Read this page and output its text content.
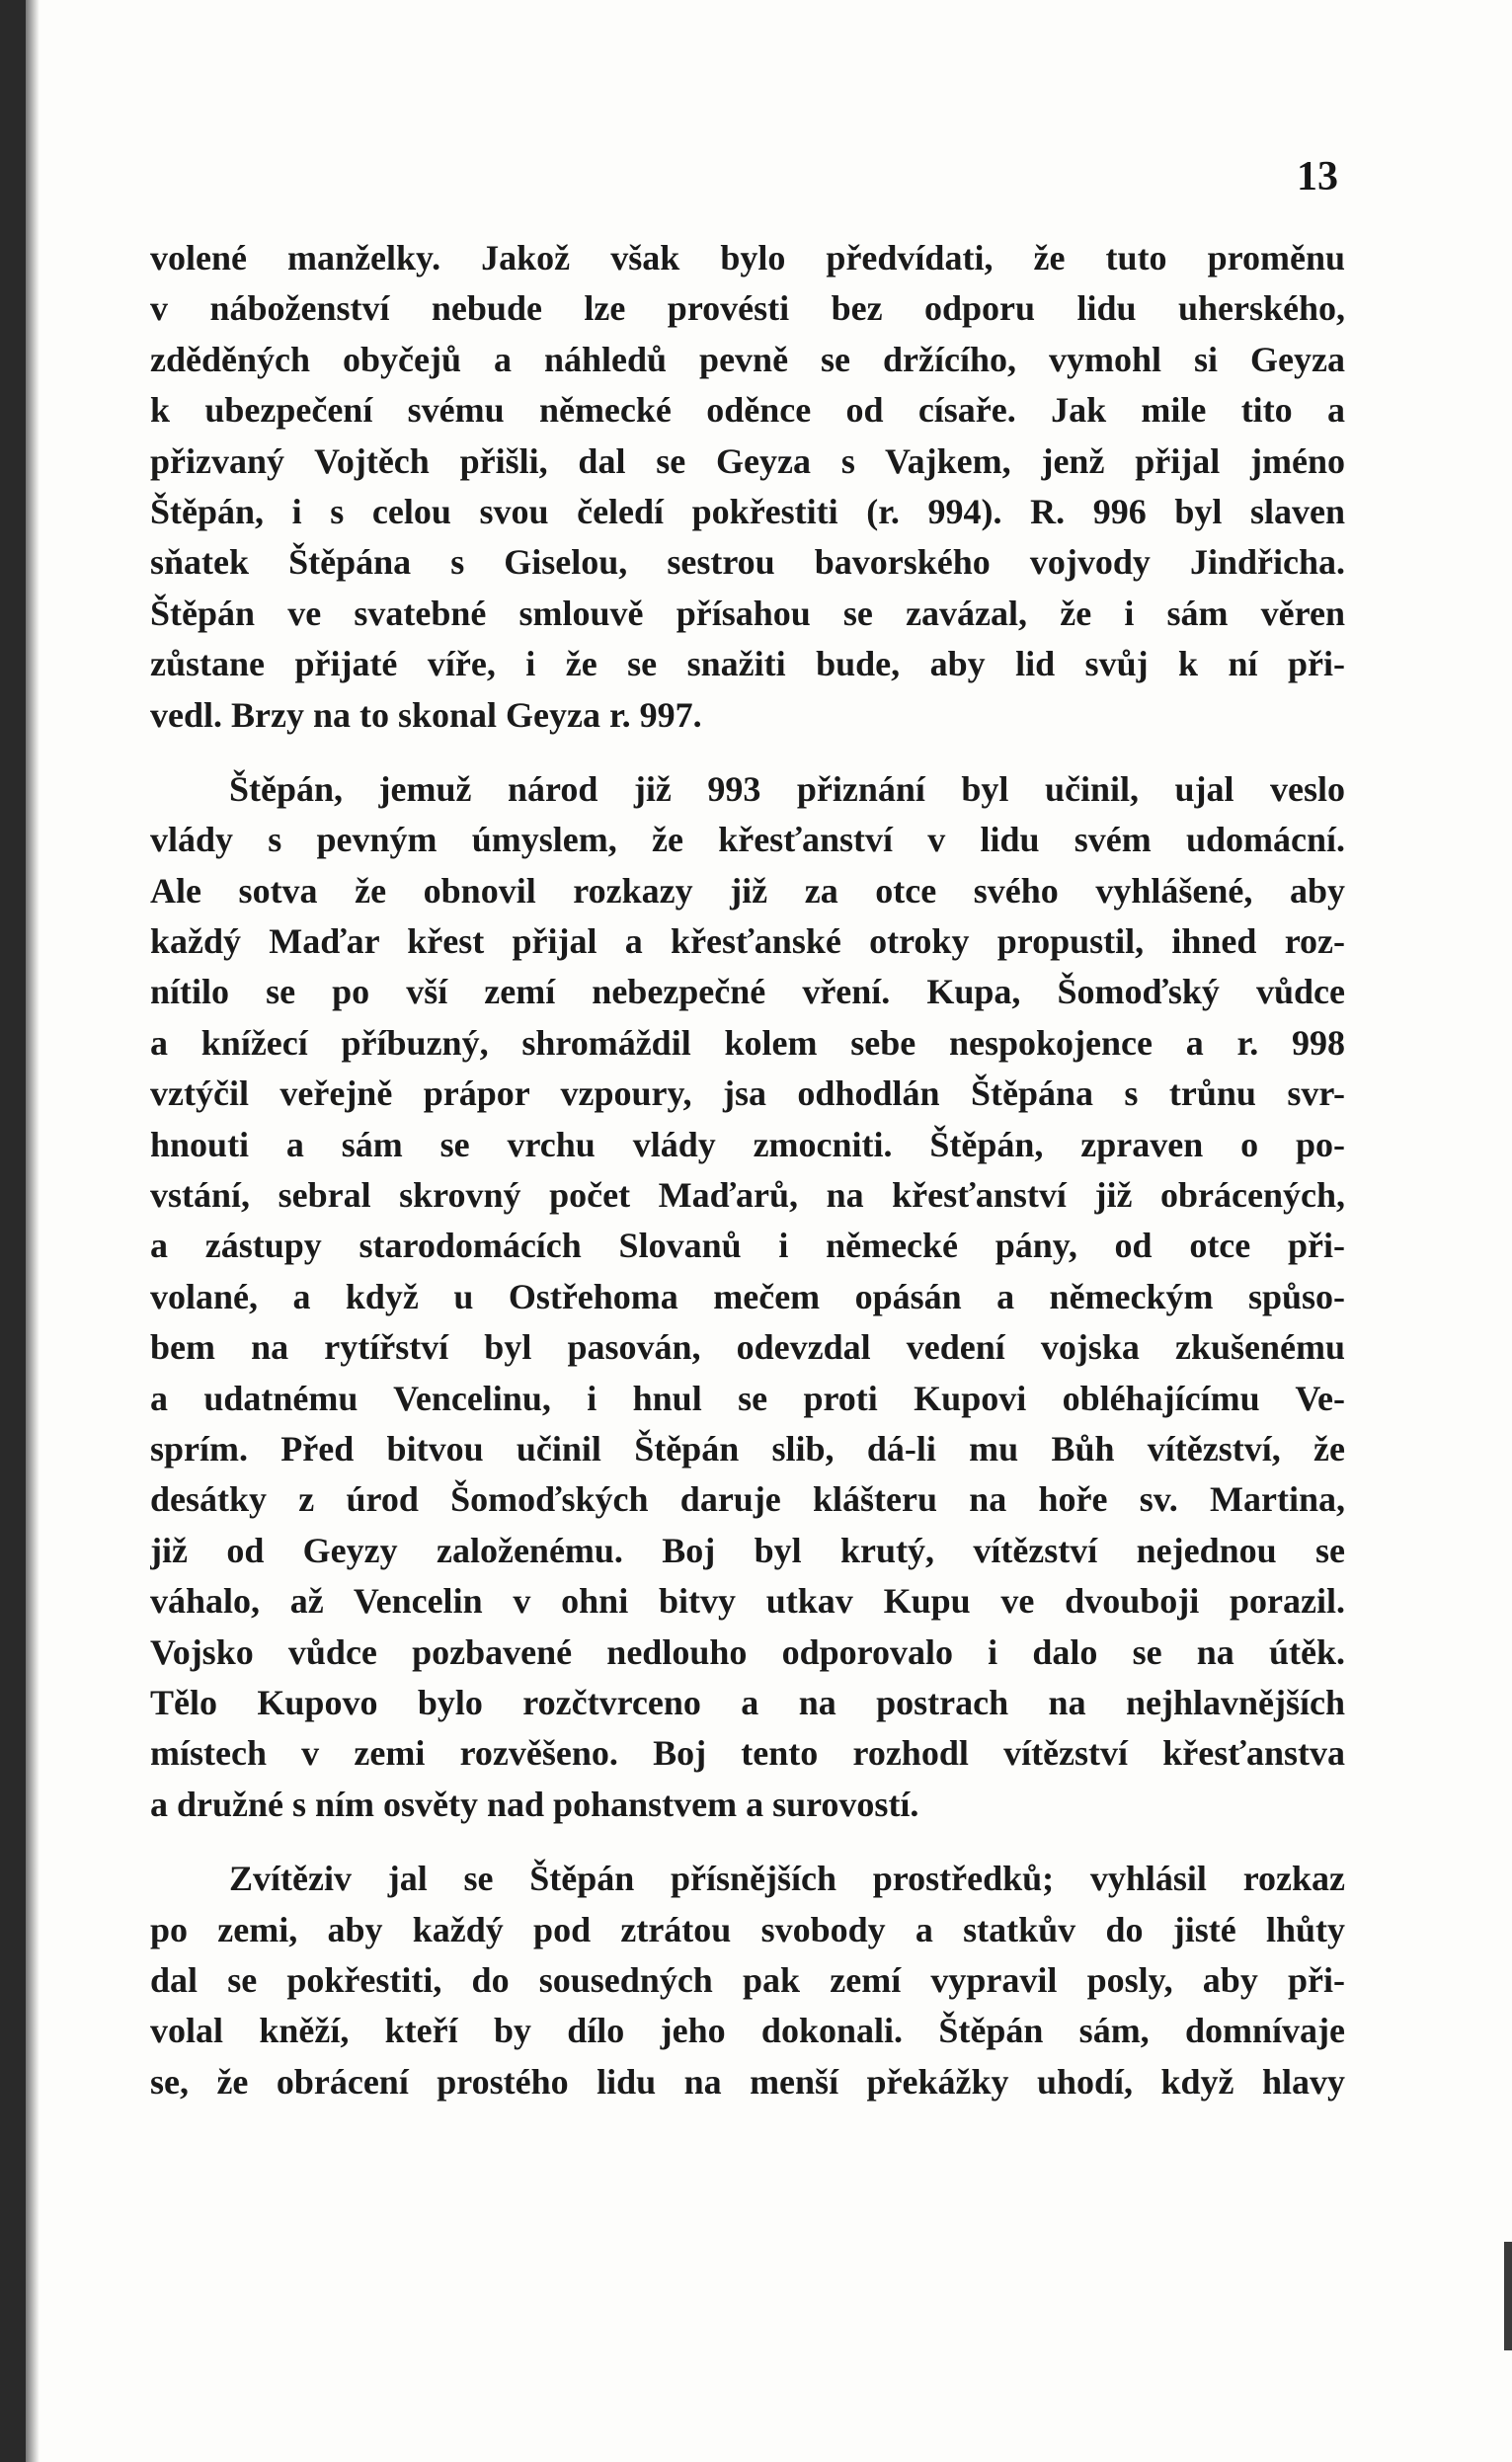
13

volené manželky. Jakož však bylo předvídati, že tuto proměnu
v náboženství nebude lze provésti bez odporu lidu uherského,
zděděných obyčejů a náhledů pevně se držícího, vymohl si Geyza
k ubezpečení svému německé oděnce od císaře. Jak mile tito a
přizvaný Vojtěch přišli, dal se Geyza s Vajkem, jenž přijal jméno
Štěpán, i s celou svou čeledí pokřestiti (r. 994). R. 996 byl slaven
sňatek Štěpána s Giselou, sestrou bavorského vojvody Jindřicha.
Štěpán ve svatebné smlouvě přísahou se zavázal, že i sám věren
zůstane přijaté víře, i že se snažiti bude, aby lid svůj k ní při-
vedl. Brzy na to skonal Geyza r. 997.
Štěpán, jemuž národ již 993 přiznání byl učinil, ujal veslo
vlády s pevným úmyslem, že křesťanství v lidu svém udomácní.
Ale sotva že obnovil rozkazy již za otce svého vyhlášené, aby
každý Maďar křest přijal a křesťanské otroky propustil, ihned roz-
nítilo se po vší zemí nebezpečné vření. Kupa, Šomoďský vůdce
a knížecí příbuzný, shromáždil kolem sebe nespokojence a r. 998
vztýčil veřejně prápor vzpoury, jsa odhodlán Štěpána s trůnu svr-
hnouti a sám se vrchu vlády zmocniti. Štěpán, zpraven o po-
vstání, sebral skrovný počet Maďarů, na křesťanství již obrácených,
a zástupy starodomácích Slovanů i německé pány, od otce při-
volané, a když u Ostřehoma mečem opásán a německým spůso-
bem na rytířství byl pasován, odevzdal vedení vojska zkušenému
a udatnému Vencelinu, i hnul se proti Kupovi obléhajícímu Ve-
sprím. Před bitvou učinil Štěpán slib, dá-li mu Bůh vítězství, že
desátky z úrod Šomoďských daruje klášteru na hoře sv. Martina,
již od Geyzy založenému. Boj byl krutý, vítězství nejednou se
váhalo, až Vencelin v ohni bitvy utkav Kupu ve dvouboji porazil.
Vojsko vůdce pozbavené nedlouho odporovalo i dalo se na útěk.
Tělo Kupovo bylo rozčtvrceno a na postrach na nejhlavnějších
místech v zemi rozvěšeno. Boj tento rozhodl vítězství křesťanstva
a družné s ním osvěty nad pohanstvem a surovostí.
Zvítěziv jal se Štěpán přísnějších prostředků; vyhlásil rozkaz
po zemi, aby každý pod ztrátou svobody a statkův do jisté lhůty
dal se pokřestiti, do sousedných pak zemí vypravil posly, aby při-
volal kněží, kteří by dílo jeho dokonali. Štěpán sám, domnívaje
se, že obrácení prostého lidu na menší překážky uhodí, když hlavy
